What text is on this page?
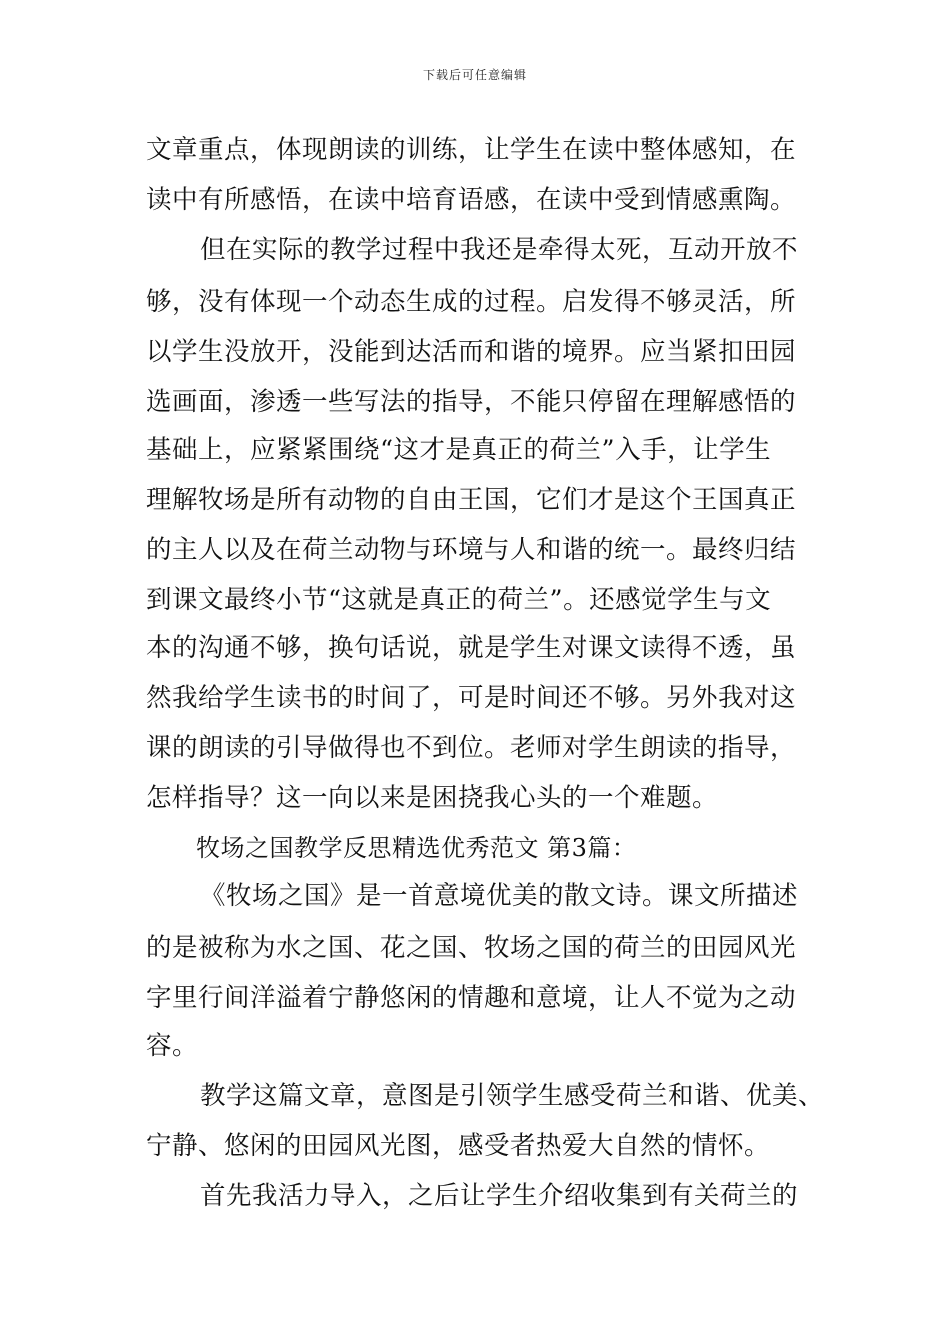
下载后可任意编辑
文章重点，体现朗读的训练，让学生在读中整体感知，在
读中有所感悟，在读中培育语感，在读中受到情感熏陶。
但在实际的教学过程中我还是牵得太死，互动开放不
够，没有体现一个动态生成的过程。启发得不够灵活，所
以学生没放开，没能到达活而和谐的境界。应当紧扣田园
选画面，渗透一些写法的指导，不能只停留在理解感悟的
基础上，应紧紧围绕“这才是真正的荷兰”入手，让学生
理解牧场是所有动物的自由王国，它们才是这个王国真正
的主人以及在荷兰动物与环境与人和谐的统一。最终归结
到课文最终小节“这就是真正的荷兰”。还感觉学生与文
本的沟通不够，换句话说，就是学生对课文读得不透，虽
然我给学生读书的时间了，可是时间还不够。另外我对这
课的朗读的引导做得也不到位。老师对学生朗读的指导，
怎样指导？这一向以来是困挠我心头的一个难题。
牧场之国教学反思精选优秀范文 第3篇：
《牧场之国》是一首意境优美的散文诗。课文所描述
的是被称为水之国、花之国、牧场之国的荷兰的田园风光
字里行间洋溢着宁静悠闲的情趣和意境，让人不觉为之动
容。
教学这篇文章，意图是引领学生感受荷兰和谐、优美、
宁静、悠闲的田园风光图，感受者热爱大自然的情怀。
首先我活力导入，之后让学生介绍收集到有关荷兰的
